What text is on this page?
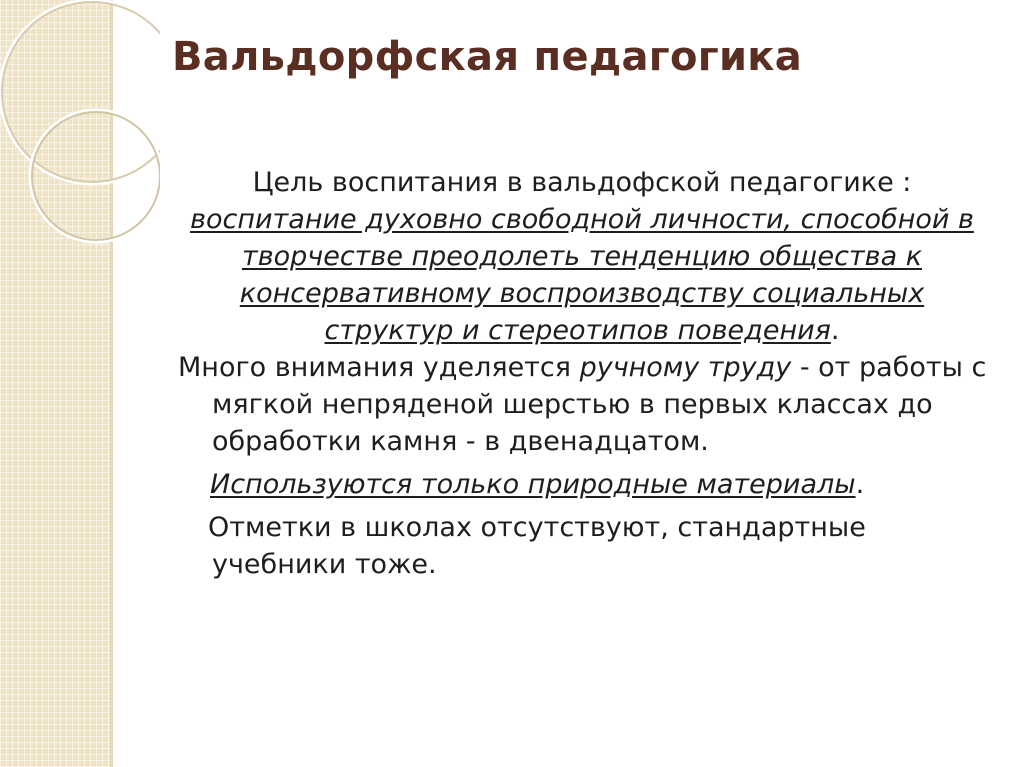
Вальдорфская педагогика

Цель воспитания в вальдофской педагогике :
воспитание духовно свободной личности, способной в творчестве преодолеть тенденцию общества к консервативному воспроизводству социальных структур и стереотипов поведения.

Много внимания уделяется ручному труду - от работы с мягкой непряденой шерстью в первых классах до обработки камня - в двенадцатом.

Используются только природные материалы.

Отметки в школах отсутствуют, стандартные учебники тоже.
